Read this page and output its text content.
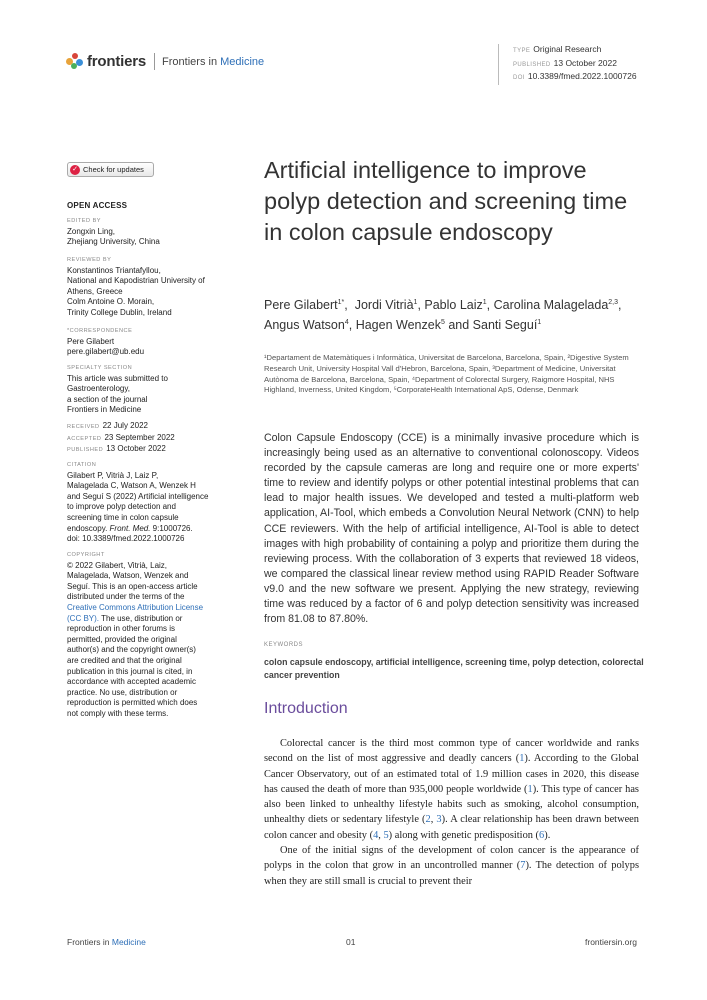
frontiers Frontiers in Medicine
TYPE Original Research
PUBLISHED 13 October 2022
DOI 10.3389/fmed.2022.1000726
✓ Check for updates
OPEN ACCESS
EDITED BY
Zongxin Ling,
Zhejiang University, China
REVIEWED BY
Konstantinos Triantafyllou,
National and Kapodistrian University of
Athens, Greece
Colm Antoine O. Morain,
Trinity College Dublin, Ireland
*CORRESPONDENCE
Pere Gilabert
pere.gilabert@ub.edu
SPECIALTY SECTION
This article was submitted to
Gastroenterology,
a section of the journal
Frontiers in Medicine
RECEIVED 22 July 2022
ACCEPTED 23 September 2022
PUBLISHED 13 October 2022
CITATION
Gilabert P, Vitrià J, Laiz P,
Malagelada C, Watson A, Wenzek H
and Seguí S (2022) Artificial intelligence
to improve polyp detection and
screening time in colon capsule
endoscopy. Front. Med. 9:1000726.
doi: 10.3389/fmed.2022.1000726
COPYRIGHT
© 2022 Gilabert, Vitrià, Laiz,
Malagelada, Watson, Wenzek and
Seguí. This is an open-access article
distributed under the terms of the
Creative Commons Attribution License
(CC BY). The use, distribution or
reproduction in other forums is
permitted, provided the original
author(s) and the copyright owner(s)
are credited and that the original
publication in this journal is cited, in
accordance with accepted academic
practice. No use, distribution or
reproduction is permitted which does
not comply with these terms.
Artificial intelligence to improve polyp detection and screening time in colon capsule endoscopy
Pere Gilabert$^{1*}$,  Jordi Vitrià$^1$, Pablo Laiz$^1$, Carolina Malagelada$^{2,3}$, Angus Watson$^4$, Hagen Wenzek$^5$ and Santi Seguí$^1$
¹Departament de Matemàtiques i Informàtica, Universitat de Barcelona, Barcelona, Spain, ²Digestive System Research Unit, University Hospital Vall d'Hebron, Barcelona, Spain, ³Department of Medicine, Universitat Autònoma de Barcelona, Barcelona, Spain, ⁴Department of Colorectal Surgery, Raigmore Hospital, NHS Highland, Inverness, United Kingdom, ⁵CorporateHealth International ApS, Odense, Denmark
Colon Capsule Endoscopy (CCE) is a minimally invasive procedure which is increasingly being used as an alternative to conventional colonoscopy. Videos recorded by the capsule cameras are long and require one or more experts' time to review and identify polyps or other potential intestinal problems that can lead to major health issues. We developed and tested a multi-platform web application, AI-Tool, which embeds a Convolution Neural Network (CNN) to help CCE reviewers. With the help of artificial intelligence, AI-Tool is able to detect images with high probability of containing a polyp and prioritize them during the reviewing process. With the collaboration of 3 experts that reviewed 18 videos, we compared the classical linear review method using RAPID Reader Software v9.0 and the new software we present. Applying the new strategy, reviewing time was reduced by a factor of 6 and polyp detection sensitivity was increased from 81.08 to 87.80%.
KEYWORDS
colon capsule endoscopy, artificial intelligence, screening time, polyp detection, colorectal cancer prevention
Introduction

Colorectal cancer is the third most common type of cancer worldwide and ranks second on the list of most aggressive and deadly cancers (1). According to the Global Cancer Observatory, out of an estimated total of 1.9 million cases in 2020, this disease has caused the death of more than 935,000 people worldwide (1). This type of cancer has also been linked to unhealthy lifestyle habits such as smoking, alcohol consumption, unhealthy diets or sedentary lifestyle (2, 3). A clear relationship has been drawn between colon cancer and obesity (4, 5) along with genetic predisposition (6).

One of the initial signs of the development of colon cancer is the appearance of polyps in the colon that grow in an uncontrolled manner (7). The detection of polyps when they are still small is crucial to prevent their

Frontiers in Medicine	01	frontiersin.org
